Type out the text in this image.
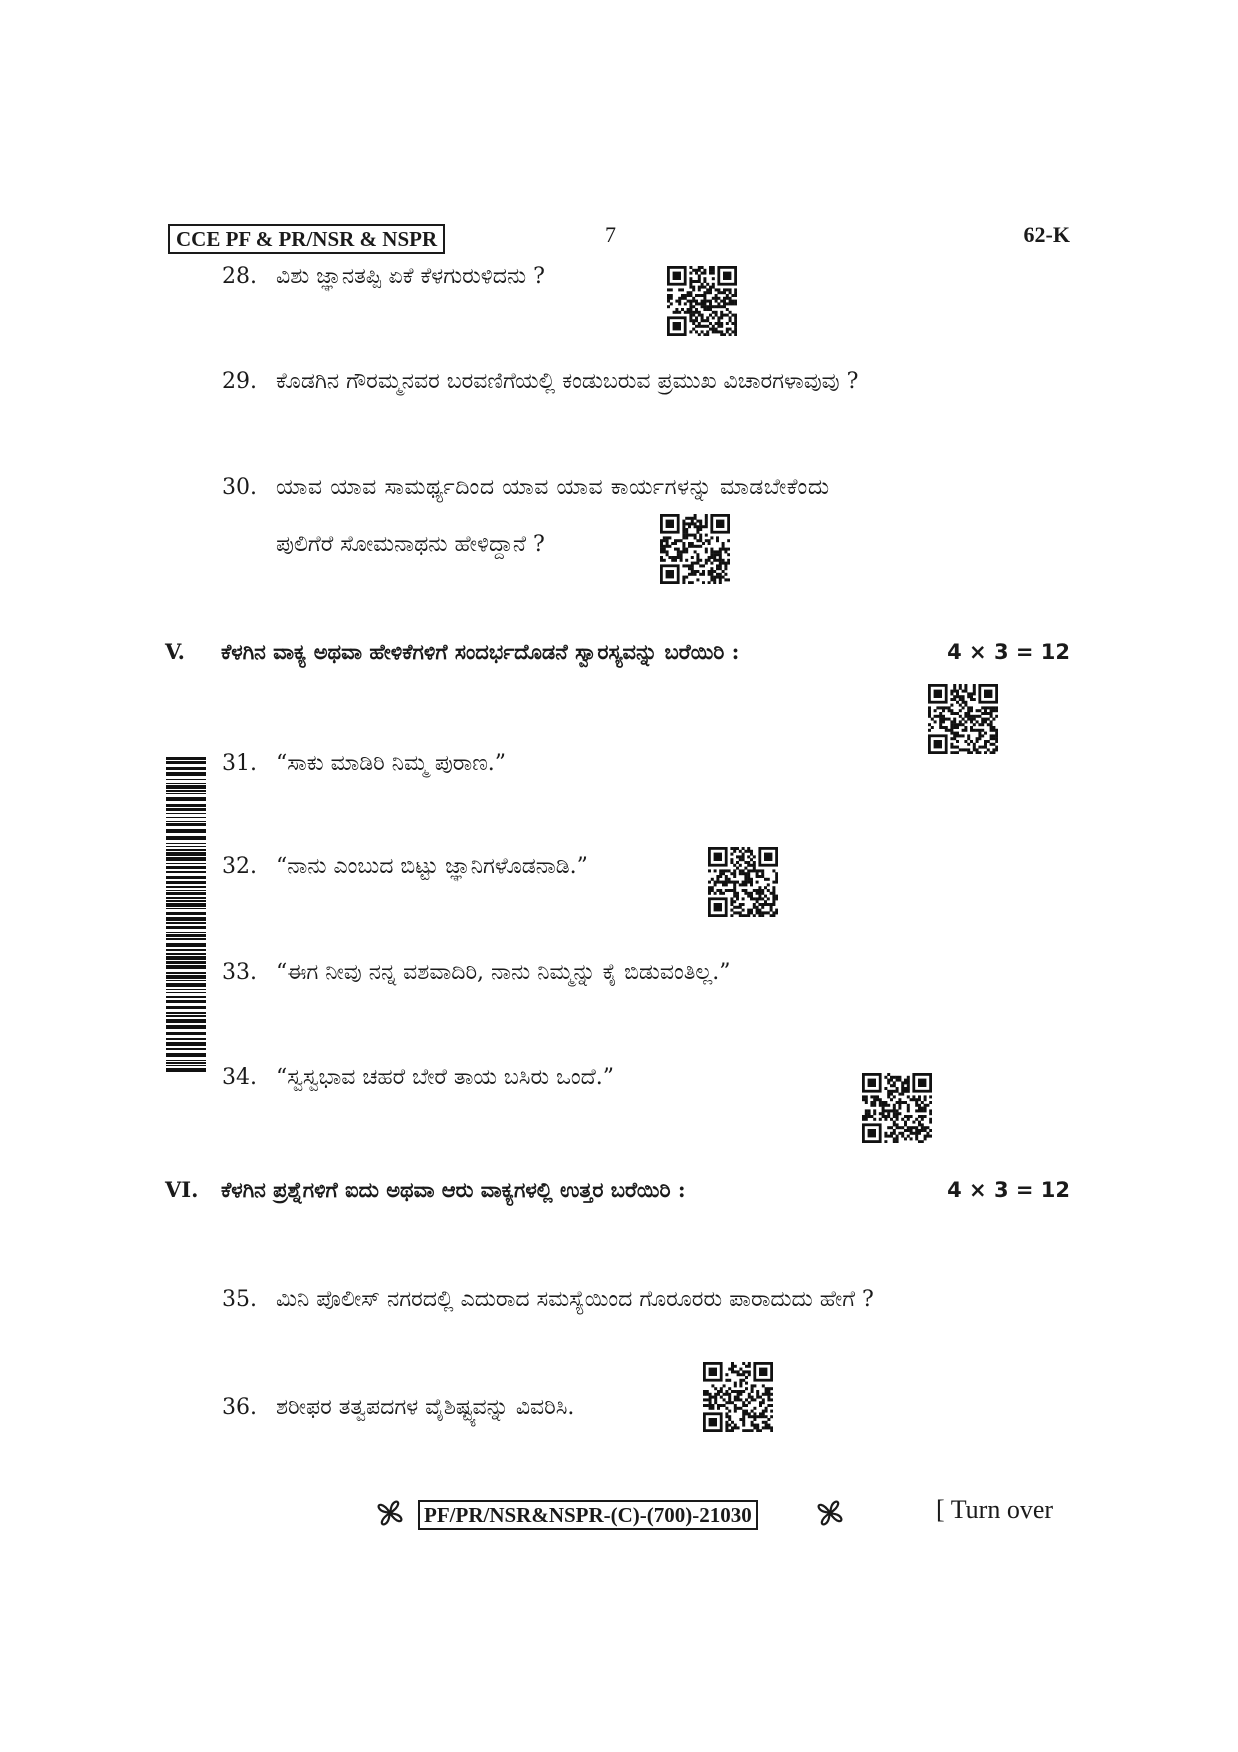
CCE PF & PR/NSR & NSPR	7	62-K
28. ವಿಶು ಜ್ಞಾನತಪ್ಪಿ ಏಕೆ ಕೆಳಗುರುಳಿದನು ?
29. ಕೊಡಗಿನ ಗೌರಮ್ಮನವರ ಬರವಣಿಗೆಯಲ್ಲಿ ಕಂಡುಬರುವ ಪ್ರಮುಖ ವಿಚಾರಗಳಾವುವು ?
30. ಯಾವ ಯಾವ ಸಾಮರ್ಥ್ಯದಿಂದ ಯಾವ ಯಾವ ಕಾರ್ಯಗಳನ್ನು ಮಾಡಬೇಕೆಂದು
ಪುಲಿಗೆರೆ ಸೋಮನಾಥನು ಹೇಳಿದ್ದಾನೆ ?
V. ಕೆಳಗಿನ ವಾಕ್ಯ ಅಥವಾ ಹೇಳಿಕೆಗಳಿಗೆ ಸಂದರ್ಭದೊಡನೆ ಸ್ವಾರಸ್ಯವನ್ನು ಬರೆಯಿರಿ :	4 × 3 = 12
31. “ಸಾಕು ಮಾಡಿರಿ ನಿಮ್ಮ ಪುರಾಣ.”
32. “ನಾನು ಎಂಬುದ ಬಿಟ್ಟು ಜ್ಞಾನಿಗಳೊಡನಾಡಿ.”
33. “ಈಗ ನೀವು ನನ್ನ ವಶವಾದಿರಿ, ನಾನು ನಿಮ್ಮನ್ನು ಕೈ ಬಿಡುವಂತಿಲ್ಲ.”
34. “ಸ್ವಸ್ವಭಾವ ಚಹರೆ ಬೇರೆ ತಾಯ ಬಸಿರು ಒಂದೆ.”
VI. ಕೆಳಗಿನ ಪ್ರಶ್ನೆಗಳಿಗೆ ಐದು ಅಥವಾ ಆರು ವಾಕ್ಯಗಳಲ್ಲಿ ಉತ್ತರ ಬರೆಯಿರಿ :	4 × 3 = 12
35. ಮಿನಿ ಪೊಲೀಸ್ ನಗರದಲ್ಲಿ ಎದುರಾದ ಸಮಸ್ಯೆಯಿಂದ ಗೊರೂರರು ಪಾರಾದುದು ಹೇಗೆ ?
36. ಶರೀಫರ ತತ್ವಪದಗಳ ವೈಶಿಷ್ಟ್ಯವನ್ನು ವಿವರಿಸಿ.
PF/PR/NSR&NSPR-(C)-(700)-21030	[ Turn over
